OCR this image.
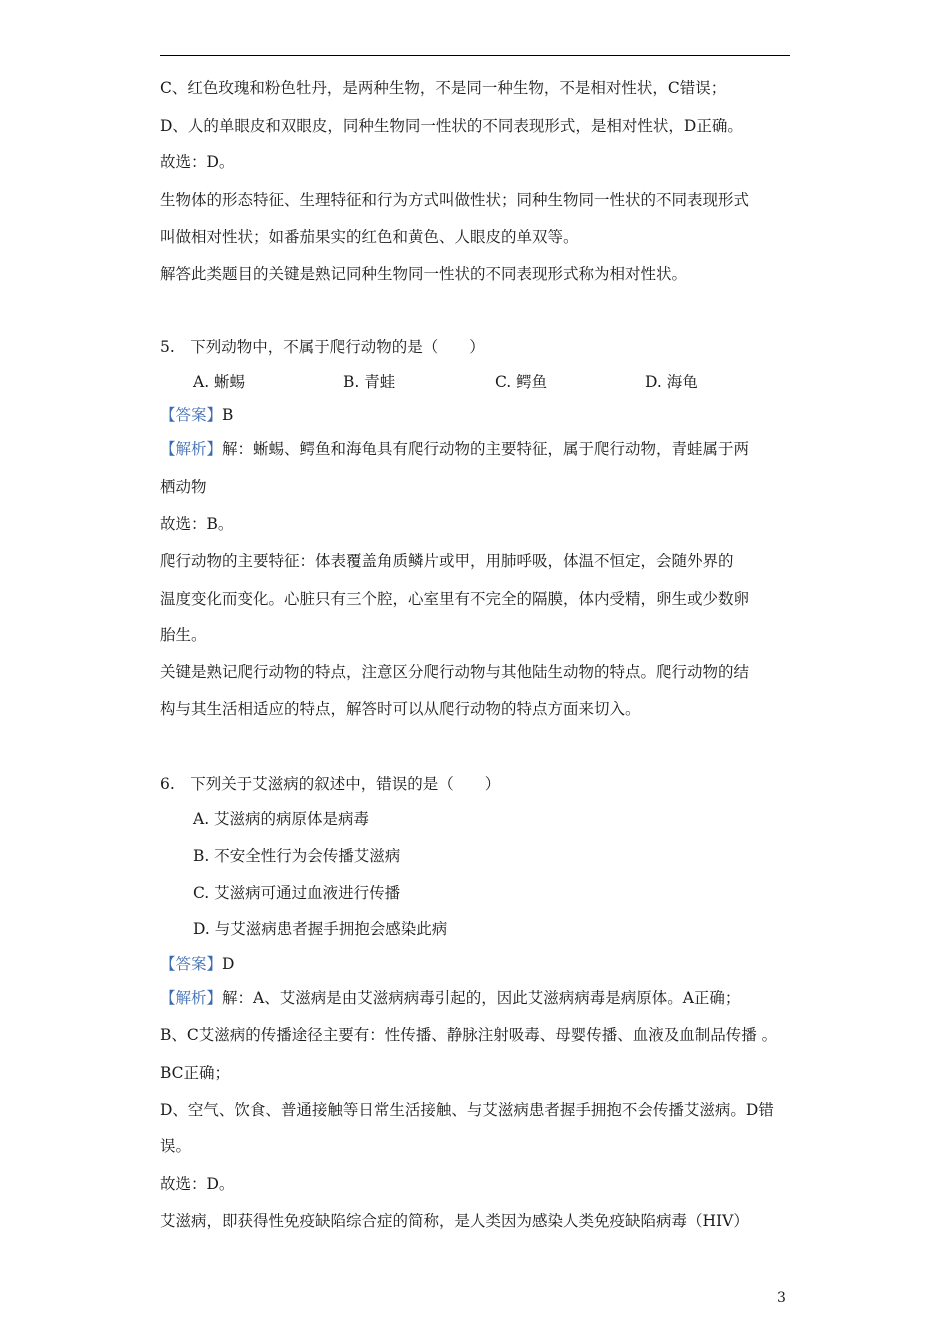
C、红色玫瑰和粉色牡丹，是两种生物，不是同一种生物，不是相对性状，C错误；
D、人的单眼皮和双眼皮，同种生物同一性状的不同表现形式，是相对性状，D正确。
故选：D。
生物体的形态特征、生理特征和行为方式叫做性状；同种生物同一性状的不同表现形式
叫做相对性状；如番茄果实的红色和黄色、人眼皮的单双等。
解答此类题目的关键是熟记同种生物同一性状的不同表现形式称为相对性状。
5.　下列动物中，不属于爬行动物的是（　　）
A. 蜥蜴	B. 青蛙	C. 鳄鱼	D. 海龟
【答案】B
【解析】解：蜥蜴、鳄鱼和海龟具有爬行动物的主要特征，属于爬行动物，青蛙属于两
栖动物
故选：B。
爬行动物的主要特征：体表覆盖角质鳞片或甲，用肺呼吸，体温不恒定，会随外界的
温度变化而变化。心脏只有三个腔，心室里有不完全的隔膜，体内受精，卵生或少数卵
胎生。
关键是熟记爬行动物的特点，注意区分爬行动物与其他陆生动物的特点。爬行动物的结
构与其生活相适应的特点，解答时可以从爬行动物的特点方面来切入。
6.　下列关于艾滋病的叙述中，错误的是（　　）
A. 艾滋病的病原体是病毒
B. 不安全性行为会传播艾滋病
C. 艾滋病可通过血液进行传播
D. 与艾滋病患者握手拥抱会感染此病
【答案】D
【解析】解：A、艾滋病是由艾滋病病毒引起的，因此艾滋病病毒是病原体。A正确；
B、C艾滋病的传播途径主要有：性传播、静脉注射吸毒、母婴传播、血液及血制品传播 。
BC正确；
D、空气、饮食、普通接触等日常生活接触、与艾滋病患者握手拥抱不会传播艾滋病。D错
误。
故选：D。
艾滋病，即获得性免疫缺陷综合症的简称，是人类因为感染人类免疫缺陷病毒（HIV）
3
